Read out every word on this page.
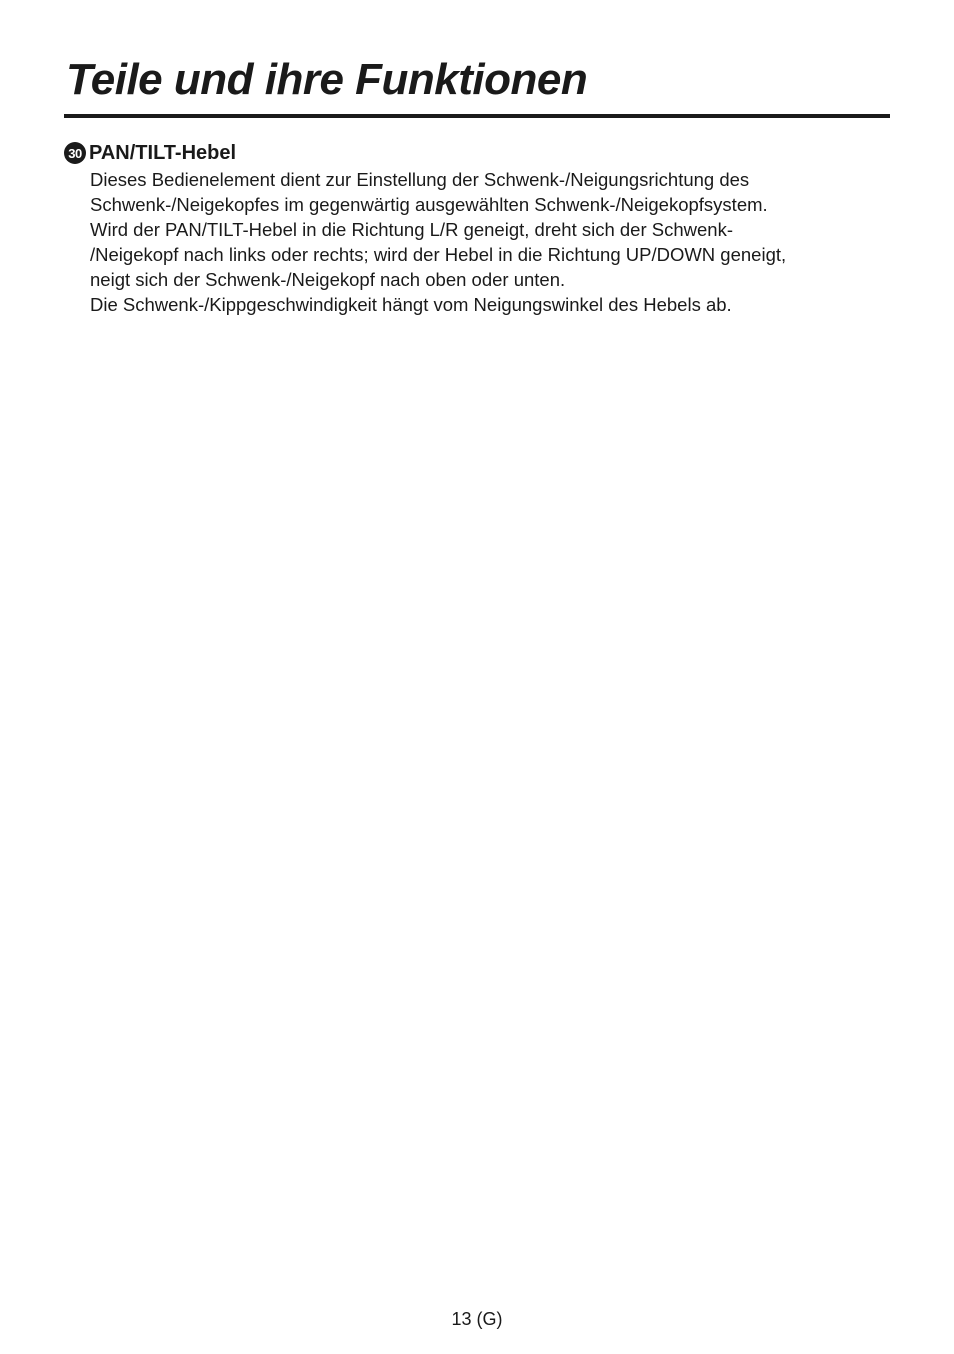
Teile und ihre Funktionen
30 PAN/TILT-Hebel

Dieses Bedienelement dient zur Einstellung der Schwenk-/Neigungsrichtung des

Schwenk-/Neigekopfes im gegenwärtig ausgewählten Schwenk-/Neigekopfsystem.

Wird der PAN/TILT-Hebel in die Richtung L/R geneigt, dreht sich der Schwenk-

/Neigekopf nach links oder rechts; wird der Hebel in die Richtung UP/DOWN geneigt,

neigt sich der Schwenk-/Neigekopf nach oben oder unten.

Die Schwenk-/Kippgeschwindigkeit hängt vom Neigungswinkel des Hebels ab.

13 (G)
